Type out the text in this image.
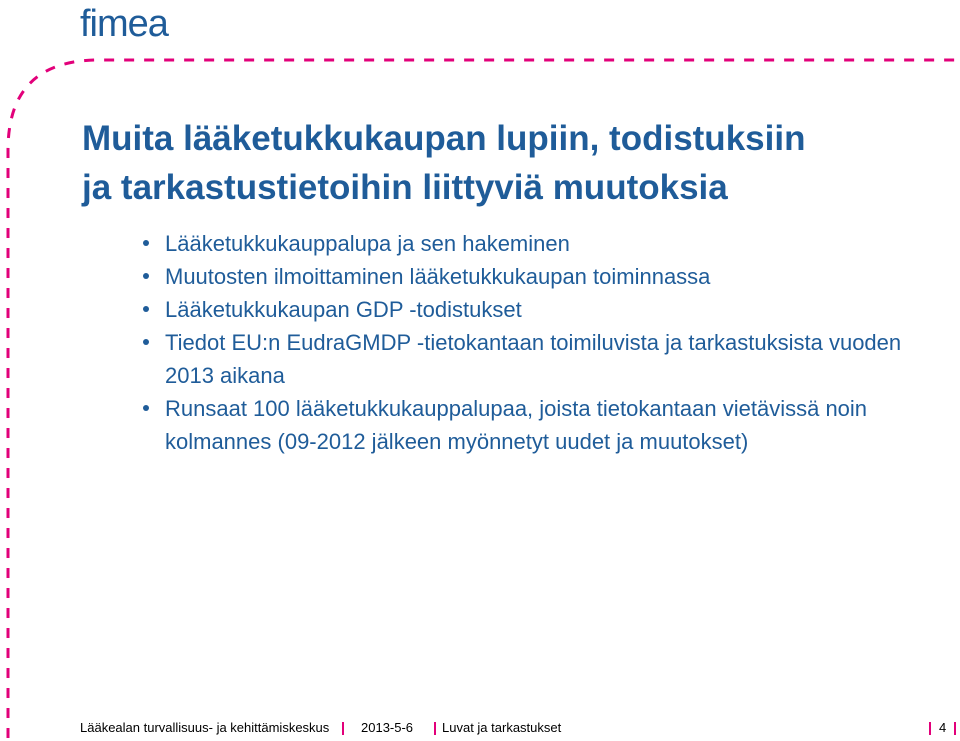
fimea
Muita lääketukkukaupan lupiin, todistuksiin
ja tarkastustietoihin liittyviä muutoksia
Lääketukkukauppalupa ja sen hakeminen
Muutosten ilmoittaminen lääketukkukaupan toiminnassa
Lääketukkukaupan GDP -todistukset
Tiedot EU:n EudraGMDP -tietokantaan toimiluvista ja tarkastuksista vuoden 2013 aikana
Runsaat 100 lääketukkukauppalupaa, joista tietokantaan vietävissä noin kolmannes (09-2012 jälkeen myönnetyt uudet ja muutokset)
Lääkealan turvallisuus- ja kehittämiskeskus 2013-5-6 Luvat ja tarkastukset	4
